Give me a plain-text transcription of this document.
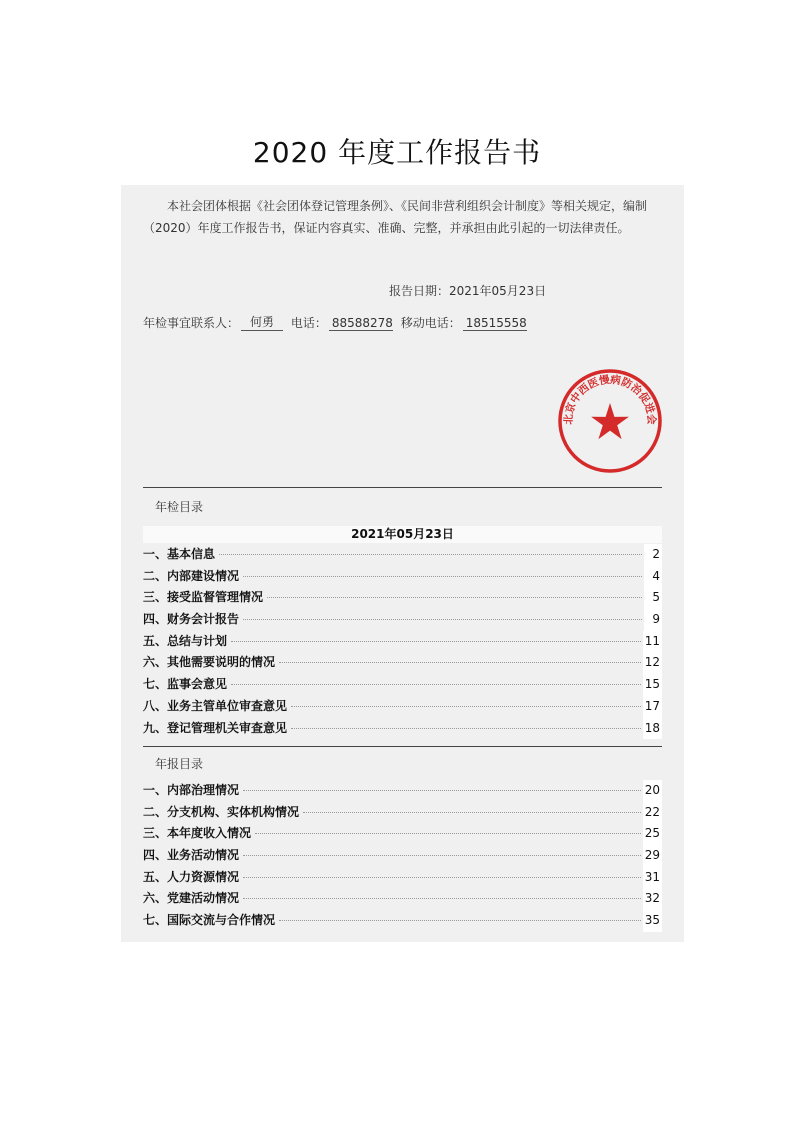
2020 年度工作报告书
本社会团体根据《社会团体登记管理条例》、《民间非营利组织会计制度》等相关规定，编制（2020）年度工作报告书，保证内容真实、准确、完整，并承担由此引起的一切法律责任。
报告日期：2021年05月23日
年检事宜联系人： 何勇 电话： 88588278 移动电话： 18515558
北京中西医慢病防治促进会
年检目录
2021年05月23日
一、基本信息	2
二、内部建设情况	4
三、接受监督管理情况	5
四、财务会计报告	9
五、总结与计划	11
六、其他需要说明的情况	12
七、监事会意见	15
八、业务主管单位审查意见	17
九、登记管理机关审查意见	18
年报目录
一、内部治理情况	20
二、分支机构、实体机构情况	22
三、本年度收入情况	25
四、业务活动情况	29
五、人力资源情况	31
六、党建活动情况	32
七、国际交流与合作情况	35
